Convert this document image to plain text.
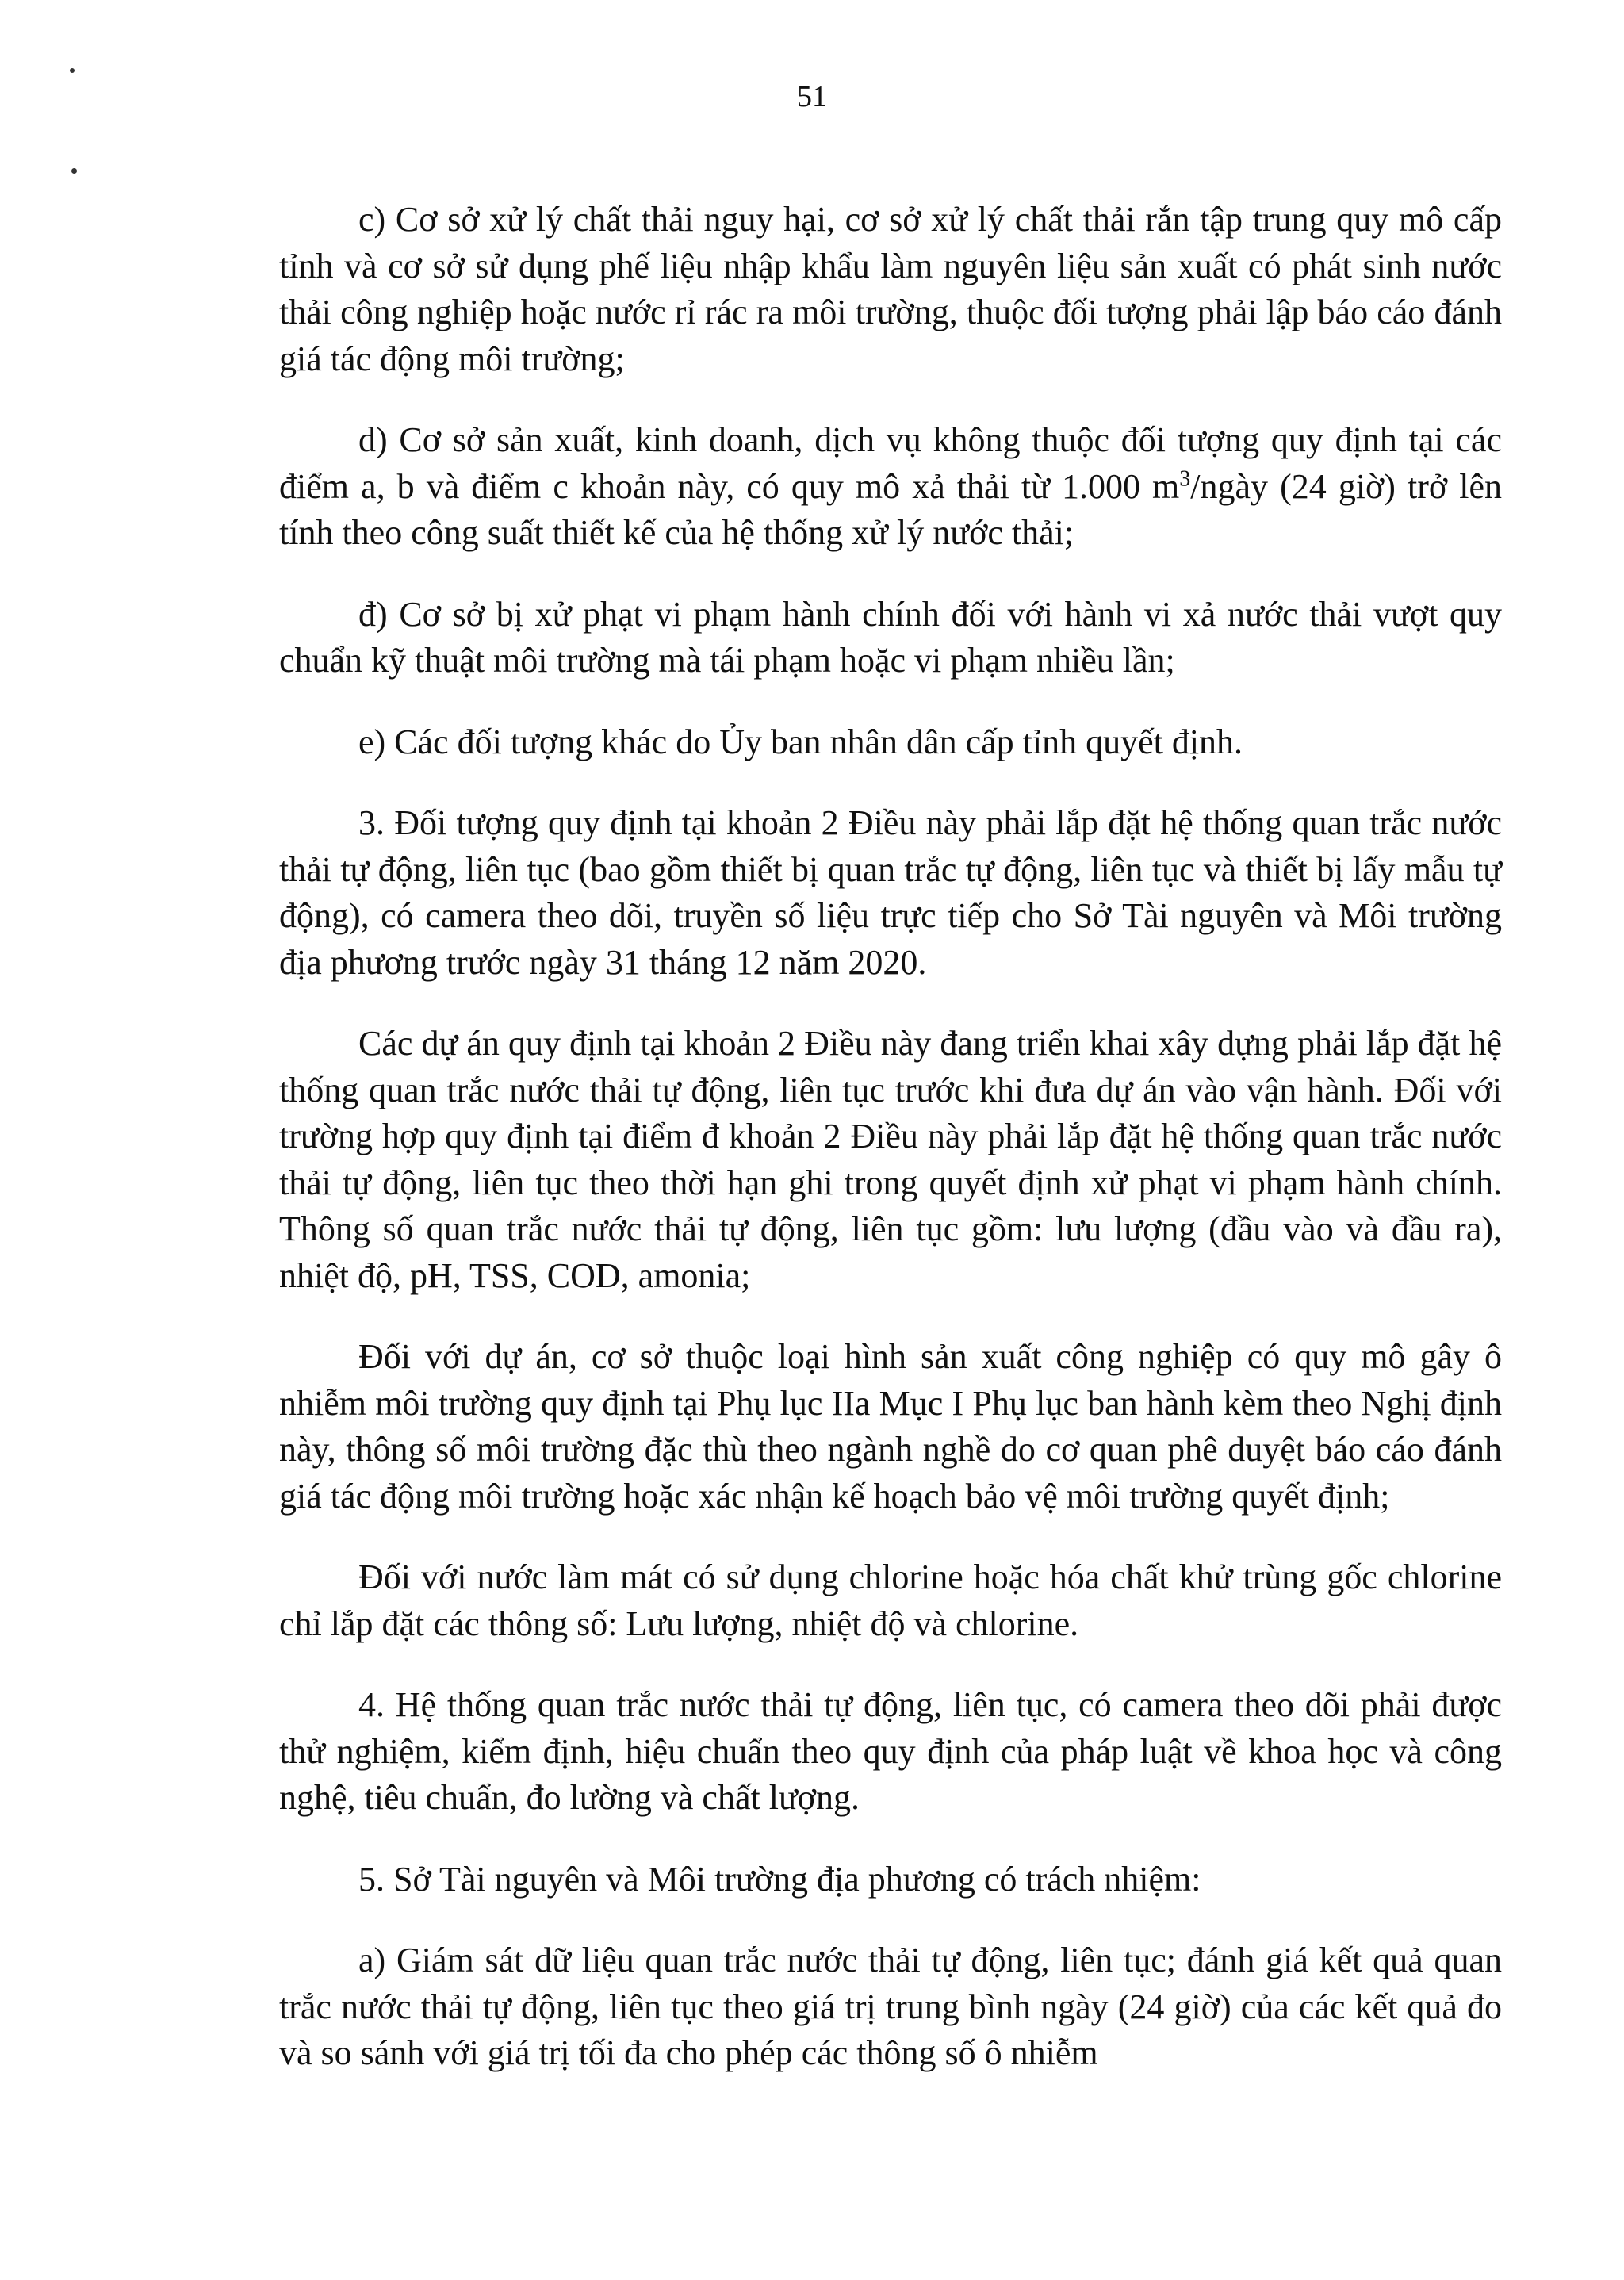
51

c) Cơ sở xử lý chất thải nguy hại, cơ sở xử lý chất thải rắn tập trung quy mô cấp tỉnh và cơ sở sử dụng phế liệu nhập khẩu làm nguyên liệu sản xuất có phát sinh nước thải công nghiệp hoặc nước rỉ rác ra môi trường, thuộc đối tượng phải lập báo cáo đánh giá tác động môi trường;

d) Cơ sở sản xuất, kinh doanh, dịch vụ không thuộc đối tượng quy định tại các điểm a, b và điểm c khoản này, có quy mô xả thải từ 1.000 $m^3$/ngày (24 giờ) trở lên tính theo công suất thiết kế của hệ thống xử lý nước thải;

đ) Cơ sở bị xử phạt vi phạm hành chính đối với hành vi xả nước thải vượt quy chuẩn kỹ thuật môi trường mà tái phạm hoặc vi phạm nhiều lần;

e) Các đối tượng khác do Ủy ban nhân dân cấp tỉnh quyết định.

3. Đối tượng quy định tại khoản 2 Điều này phải lắp đặt hệ thống quan trắc nước thải tự động, liên tục (bao gồm thiết bị quan trắc tự động, liên tục và thiết bị lấy mẫu tự động), có camera theo dõi, truyền số liệu trực tiếp cho Sở Tài nguyên và Môi trường địa phương trước ngày 31 tháng 12 năm 2020.

Các dự án quy định tại khoản 2 Điều này đang triển khai xây dựng phải lắp đặt hệ thống quan trắc nước thải tự động, liên tục trước khi đưa dự án vào vận hành. Đối với trường hợp quy định tại điểm đ khoản 2 Điều này phải lắp đặt hệ thống quan trắc nước thải tự động, liên tục theo thời hạn ghi trong quyết định xử phạt vi phạm hành chính. Thông số quan trắc nước thải tự động, liên tục gồm: lưu lượng (đầu vào và đầu ra), nhiệt độ, pH, TSS, COD, amonia;

Đối với dự án, cơ sở thuộc loại hình sản xuất công nghiệp có quy mô gây ô nhiễm môi trường quy định tại Phụ lục IIa Mục I Phụ lục ban hành kèm theo Nghị định này, thông số môi trường đặc thù theo ngành nghề do cơ quan phê duyệt báo cáo đánh giá tác động môi trường hoặc xác nhận kế hoạch bảo vệ môi trường quyết định;

Đối với nước làm mát có sử dụng chlorine hoặc hóa chất khử trùng gốc chlorine chỉ lắp đặt các thông số: Lưu lượng, nhiệt độ và chlorine.

4. Hệ thống quan trắc nước thải tự động, liên tục, có camera theo dõi phải được thử nghiệm, kiểm định, hiệu chuẩn theo quy định của pháp luật về khoa học và công nghệ, tiêu chuẩn, đo lường và chất lượng.

5. Sở Tài nguyên và Môi trường địa phương có trách nhiệm:

a) Giám sát dữ liệu quan trắc nước thải tự động, liên tục; đánh giá kết quả quan trắc nước thải tự động, liên tục theo giá trị trung bình ngày (24 giờ) của các kết quả đo và so sánh với giá trị tối đa cho phép các thông số ô nhiễm
